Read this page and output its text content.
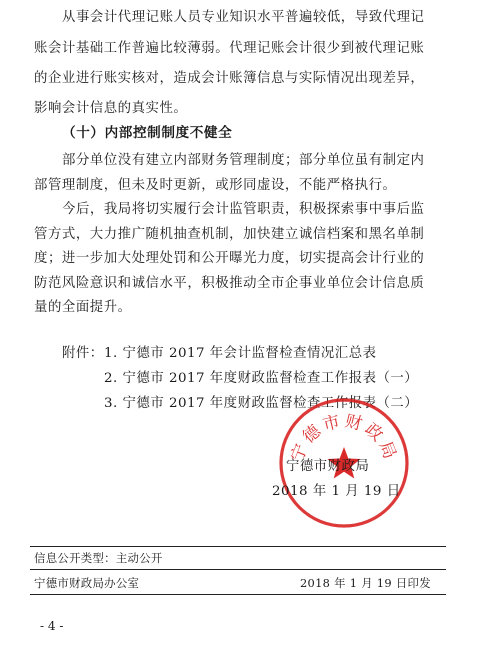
从事会计代理记账人员专业知识水平普遍较低，导致代理记
账会计基础工作普遍比较薄弱。代理记账会计很少到被代理记账
的企业进行账实核对，造成会计账簿信息与实际情况出现差异，
影响会计信息的真实性。
（十）内部控制制度不健全
部分单位没有建立内部财务管理制度；部分单位虽有制定内
部管理制度，但未及时更新，或形同虚设，不能严格执行。
今后，我局将切实履行会计监管职责，积极探索事中事后监
管方式，大力推广随机抽查机制，加快建立诚信档案和黑名单制
度；进一步加大处理处罚和公开曝光力度，切实提高会计行业的
防范风险意识和诚信水平，积极推动全市企事业单位会计信息质
量的全面提升。
附件： 1. 宁德市 2017 年会计监督检查情况汇总表
2. 宁德市 2017 年度财政监督检查工作报表（一）
3. 宁德市 2017 年度财政监督检查工作报表（二）
宁德市财政局
宁德市财政局
2018 年 1 月 19 日
信息公开类型：主动公开
宁德市财政局办公室	2018 年 1 月 19 日印发
- 4 -
